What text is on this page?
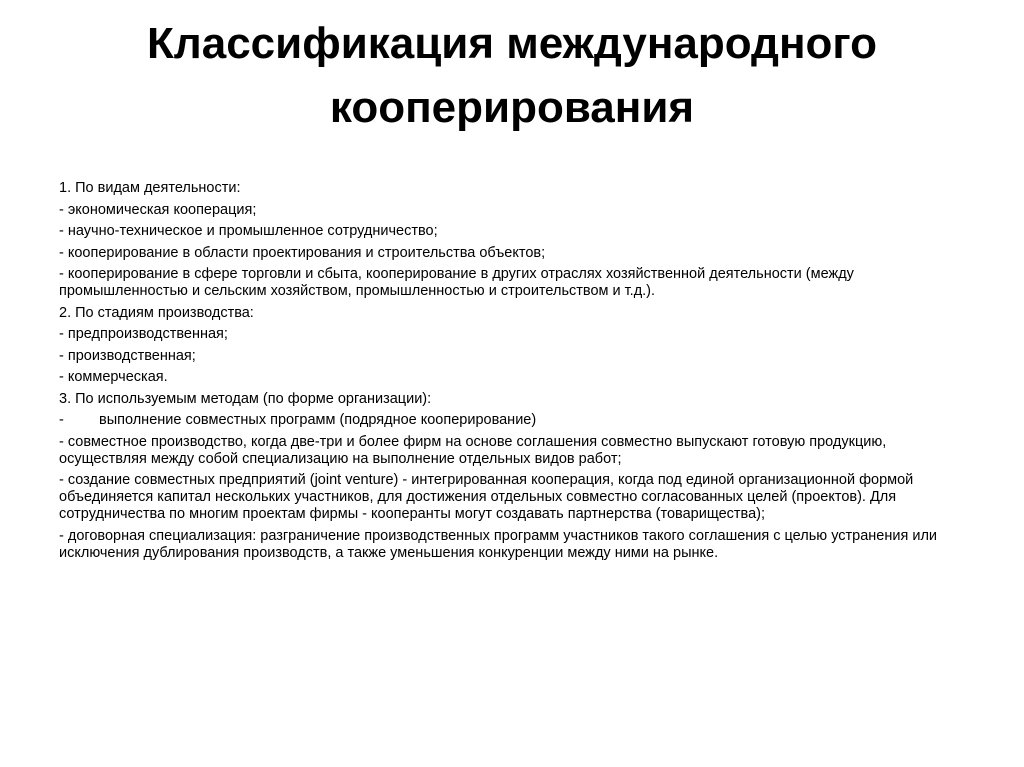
Классификация международного
кооперирования
1. По видам деятельности:
- экономическая кооперация;
- научно-техническое и промышленное сотрудничество;
- кооперирование в области проектирования и строительства объектов;
- кооперирование в сфере торговли и сбыта, кооперирование в других отраслях хозяйственной деятельности (между промышленностью и сельским хозяйством, промышленностью и строительством и т.д.).
2. По стадиям производства:
- предпроизводственная;
- производственная;
- коммерческая.
3. По используемым методам (по форме организации):
- выполнение совместных программ (подрядное кооперирование)
- совместное производство, когда две-три и более фирм на основе соглашения совместно выпускают готовую продукцию, осуществляя между собой специализацию на выполнение отдельных видов работ;
- создание совместных предприятий (joint venture) - интегрированная кооперация, когда под единой организационной формой объединяется капитал нескольких участников, для достижения отдельных совместно согласованных целей (проектов). Для сотрудничества по многим проектам фирмы - кооперанты могут создавать партнерства (товарищества);
- договорная специализация: разграничение производственных программ участников такого соглашения с целью устранения или исключения дублирования производств, а также уменьшения конкуренции между ними на рынке.
